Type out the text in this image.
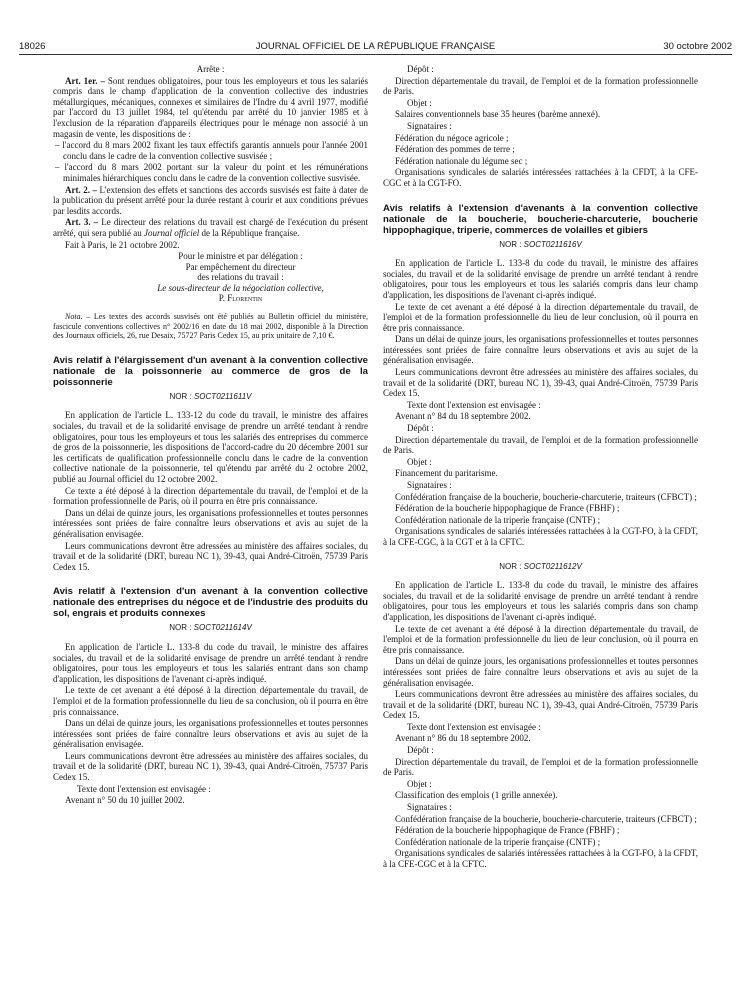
18026	JOURNAL OFFICIEL DE LA RÉPUBLIQUE FRANÇAISE	30 octobre 2002

Arrête :

Art. 1er. – Sont rendues obligatoires, pour tous les employeurs et tous les salariés compris dans le champ d'application de la convention collective des industries métallurgiques, mécaniques, connexes et similaires de l'Indre du 4 avril 1977, modifié par l'accord du 13 juillet 1984, tel qu'étendu par arrêté du 10 janvier 1985 et à l'exclusion de la réparation d'appareils électriques pour le ménage non associé à un magasin de vente, les dispositions de :

– l'accord du 8 mars 2002 fixant les taux effectifs garantis annuels pour l'année 2001 conclu dans le cadre de la convention collective susvisée ;

– l'accord du 8 mars 2002 portant sur la valeur du point et les rémunérations minimales hiérarchiques conclu dans le cadre de la convention collective susvisée.

Art. 2. – L'extension des effets et sanctions des accords susvisés est faite à dater de la publication du présent arrêté pour la durée restant à courir et aux conditions prévues par lesdits accords.

Art. 3. – Le directeur des relations du travail est chargé de l'exécution du présent arrêté, qui sera publié au Journal officiel de la République française.

Fait à Paris, le 21 octobre 2002.

Pour le ministre et par délégation :
Par empêchement du directeur
des relations du travail :
Le sous-directeur de la négociation collective,
P. Florentin

Nota. – Les textes des accords susvisés ont été publiés au Bulletin officiel du ministère, fascicule conventions collectives n° 2002/16 en date du 18 mai 2002, disponible à la Direction des Journaux officiels, 26, rue Desaix, 75727 Paris Cedex 15, au prix unitaire de 7,10 €.

Avis relatif à l'élargissement d'un avenant à la convention collective nationale de la poissonnerie au commerce de gros de la poissonnerie
NOR : SOCT0211611V

En application de l'article L. 133-12 du code du travail, le ministre des affaires sociales, du travail et de la solidarité envisage de prendre un arrêté tendant à rendre obligatoires, pour tous les employeurs et tous les salariés des entreprises du commerce de gros de la poissonnerie, les dispositions de l'accord-cadre du 20 décembre 2001 sur les certificats de qualification professionnelle conclu dans le cadre de la convention collective nationale de la poissonnerie, tel qu'étendu par arrêté du 2 octobre 2002, publié au Journal officiel du 12 octobre 2002.

Ce texte a été déposé à la direction départementale du travail, de l'emploi et de la formation professionnelle de Paris, où il pourra en être pris connaissance.

Dans un délai de quinze jours, les organisations professionnelles et toutes personnes intéressées sont priées de faire connaître leurs observations et avis au sujet de la généralisation envisagée.

Leurs communications devront être adressées au ministère des affaires sociales, du travail et de la solidarité (DRT, bureau NC 1), 39-43, quai André-Citroën, 75739 Paris Cedex 15.

Avis relatif à l'extension d'un avenant à la convention collective nationale des entreprises du négoce et de l'industrie des produits du sol, engrais et produits connexes
NOR : SOCT0211614V

En application de l'article L. 133-8 du code du travail, le ministre des affaires sociales, du travail et de la solidarité envisage de prendre un arrêté tendant à rendre obligatoires, pour tous les employeurs et tous les salariés entrant dans son champ d'application, les dispositions de l'avenant ci-après indiqué.

Le texte de cet avenant a été déposé à la direction départementale du travail, de l'emploi et de la formation professionnelle du lieu de sa conclusion, où il pourra en être pris connaissance.

Dans un délai de quinze jours, les organisations professionnelles et toutes personnes intéressées sont priées de faire connaître leurs observations et avis au sujet de la généralisation envisagée.

Leurs communications devront être adressées au ministère des affaires sociales, du travail et de la solidarité (DRT, bureau NC 1), 39-43, quai André-Citroën, 75737 Paris Cedex 15.

Texte dont l'extension est envisagée :

Avenant n° 50 du 10 juillet 2002.

Dépôt :

Direction départementale du travail, de l'emploi et de la formation professionnelle de Paris.

Objet :

Salaires conventionnels base 35 heures (barème annexé).

Signataires :

Fédération du négoce agricole ;

Fédération des pommes de terre ;

Fédération nationale du légume sec ;

Organisations syndicales de salariés intéressées rattachées à la CFDT, à la CFE-CGC et à la CGT-FO.

Avis relatifs à l'extension d'avenants à la convention collective nationale de la boucherie, boucherie-charcuterie, boucherie hippophagique, triperie, commerces de volailles et gibiers
NOR : SOCT0211616V

En application de l'article L. 133-8 du code du travail, le ministre des affaires sociales, du travail et de la solidarité envisage de prendre un arrêté tendant à rendre obligatoires, pour tous les employeurs et tous les salariés compris dans leur champ d'application, les dispositions de l'avenant ci-après indiqué.

Le texte de cet avenant a été déposé à la direction départementale du travail, de l'emploi et de la formation professionnelle du lieu de leur conclusion, où il pourra en être pris connaissance.

Dans un délai de quinze jours, les organisations professionnelles et toutes personnes intéressées sont priées de faire connaître leurs observations et avis au sujet de la généralisation envisagée.

Leurs communications devront être adressées au ministère des affaires sociales, du travail et de la solidarité (DRT, bureau NC 1), 39-43, quai André-Citroën, 75739 Paris Cedex 15.

Texte dont l'extension est envisagée :

Avenant n° 84 du 18 septembre 2002.

Dépôt :

Direction départementale du travail, de l'emploi et de la formation professionnelle de Paris.

Objet :

Financement du paritarisme.

Signataires :

Confédération française de la boucherie, boucherie-charcuterie, traiteurs (CFBCT) ;

Fédération de la boucherie hippophagique de France (FBHF) ;

Confédération nationale de la triperie française (CNTF) ;

Organisations syndicales de salariés intéressées rattachées à la CGT-FO, à la CFDT, à la CFE-CGC, à la CGT et à la CFTC.

NOR : SOCT0211612V

En application de l'article L. 133-8 du code du travail, le ministre des affaires sociales, du travail et de la solidarité envisage de prendre un arrêté tendant à rendre obligatoires, pour tous les employeurs et tous les salariés compris dans son champ d'application, les dispositions de l'avenant ci-après indiqué.

Le texte de cet avenant a été déposé à la direction départementale du travail, de l'emploi et de la formation professionnelle du lieu de leur conclusion, où il pourra en être pris connaissance.

Dans un délai de quinze jours, les organisations professionnelles et toutes personnes intéressées sont priées de faire connaître leurs observations et avis au sujet de la généralisation envisagée.

Leurs communications devront être adressées au ministère des affaires sociales, du travail et de la solidarité (DRT, bureau NC 1), 39-43, quai André-Citroën, 75739 Paris Cedex 15.

Texte dont l'extension est envisagée :

Avenant n° 86 du 18 septembre 2002.

Dépôt :

Direction départementale du travail, de l'emploi et de la formation professionnelle de Paris.

Objet :

Classification des emplois (1 grille annexée).

Signataires :

Confédération française de la boucherie, boucherie-charcuterie, traiteurs (CFBCT) ;

Fédération de la boucherie hippophagique de France (FBHF) ;

Confédération nationale de la triperie française (CNTF) ;

Organisations syndicales de salariés intéressées rattachées à la CGT-FO, à la CFDT, à la CFE-CGC et à la CFTC.
